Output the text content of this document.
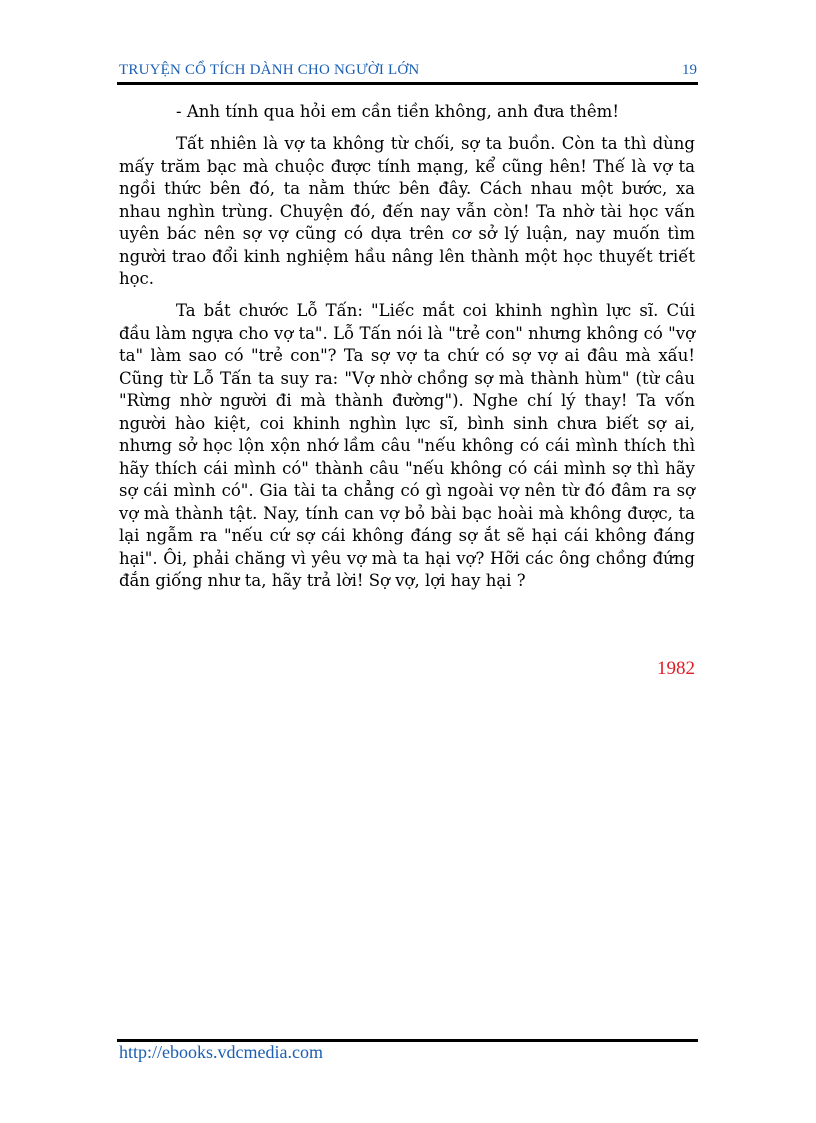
TRUYỆN CỔ TÍCH DÀNH CHO NGƯỜI LỚN	19

- Anh tính qua hỏi em cần tiền không, anh đưa thêm!

Tất nhiên là vợ ta không từ chối, sợ ta buồn. Còn ta thì dùng mấy trăm bạc mà chuộc được tính mạng, kể cũng hên! Thế là vợ ta ngồi thức bên đó, ta nằm thức bên đây. Cách nhau một bước, xa nhau nghìn trùng. Chuyện đó, đến nay vẫn còn! Ta nhờ tài học vấn uyên bác nên sợ vợ cũng có dựa trên cơ sở lý luận, nay muốn tìm người trao đổi kinh nghiệm hầu nâng lên thành một học thuyết triết học.

Ta bắt chước Lỗ Tấn: "Liếc mắt coi khinh nghìn lực sĩ. Cúi đầu làm ngựa cho vợ ta". Lỗ Tấn nói là "trẻ con" nhưng không có "vợ ta" làm sao có "trẻ con"? Ta sợ vợ ta chứ có sợ vợ ai đâu mà xấu! Cũng từ Lỗ Tấn ta suy ra: "Vợ nhờ chồng sợ mà thành hùm" (từ câu "Rừng nhờ người đi mà thành đường"). Nghe chí lý thay! Ta vốn người hào kiệt, coi khinh nghìn lực sĩ, bình sinh chưa biết sợ ai, nhưng sở học lộn xộn nhớ lầm câu "nếu không có cái mình thích thì hãy thích cái mình có" thành câu "nếu không có cái mình sợ thì hãy sợ cái mình có". Gia tài ta chẳng có gì ngoài vợ nên từ đó đâm ra sợ vợ mà thành tật. Nay, tính can vợ bỏ bài bạc hoài mà không được, ta lại ngẫm ra "nếu cứ sợ cái không đáng sợ ắt sẽ hại cái không đáng hại". Ôi, phải chăng vì yêu vợ mà ta hại vợ? Hỡi các ông chồng đứng đắn giống như ta, hãy trả lời! Sợ vợ, lợi hay hại ?

1982
http://ebooks.vdcmedia.com
